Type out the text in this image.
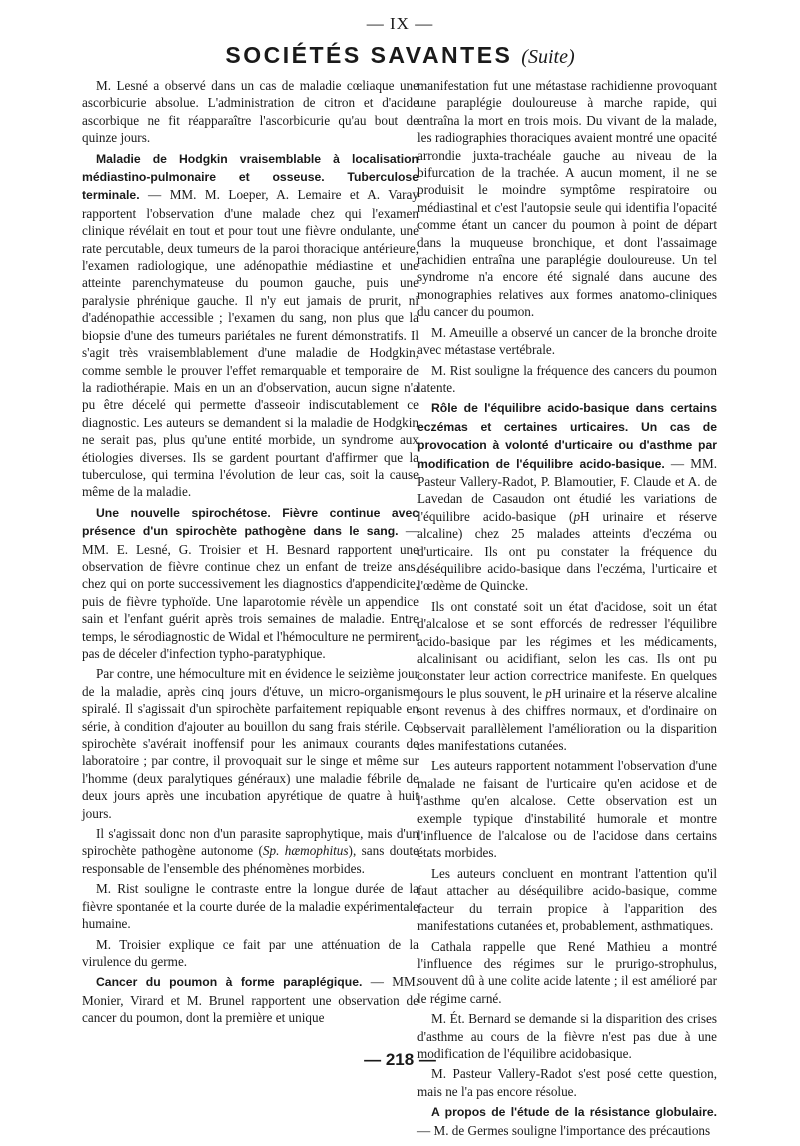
— IX —
SOCIÉTÉS SAVANTES (Suite)

M. Lesné a observé dans un cas de maladie cœliaque une ascorbicurie absolue. L'administration de citron et d'acide ascorbique ne fit réapparaître l'ascorbicurie qu'au bout de quinze jours.

Maladie de Hodgkin vraisemblable à localisation médiastino-pulmonaire et osseuse. Tuberculose terminale. — MM. M. Loeper, A. Lemaire et A. Varay rapportent l'observation d'une malade chez qui l'examen clinique révélait en tout et pour tout une fièvre ondulante, une rate percutable, deux tumeurs de la paroi thoracique antérieure, l'examen radiologique, une adénopathie médiastine et une atteinte parenchymateuse du poumon gauche, puis une paralysie phrénique gauche. Il n'y eut jamais de prurit, ni d'adénopathie accessible ; l'examen du sang, non plus que la biopsie d'une des tumeurs pariétales ne furent démonstratifs. Il s'agit très vraisemblablement d'une maladie de Hodgkin, comme semble le prouver l'effet remarquable et temporaire de la radiothérapie. Mais en un an d'observation, aucun signe n'a pu être décelé qui permette d'asseoir indiscutablement ce diagnostic. Les auteurs se demandent si la maladie de Hodgkin ne serait pas, plus qu'une entité morbide, un syndrome aux étiologies diverses. Ils se gardent pourtant d'affirmer que la tuberculose, qui termina l'évolution de leur cas, soit la cause même de la maladie.

Une nouvelle spirochétose. Fièvre continue avec présence d'un spirochète pathogène dans le sang. — MM. E. Lesné, G. Troisier et H. Besnard rapportent une observation de fièvre continue chez un enfant de treize ans, chez qui on porte successivement les diagnostics d'appendicite, puis de fièvre typhoïde. Une laparotomie révèle un appendice sain et l'enfant guérit après trois semaines de maladie. Entre temps, le sérodiagnostic de Widal et l'hémoculture ne permirent pas de déceler d'infection typho-paratyphique.

Par contre, une hémoculture mit en évidence le seizième jour de la maladie, après cinq jours d'étuve, un micro-organisme spiralé. Il s'agissait d'un spirochète parfaitement repiquable en série, à condition d'ajouter au bouillon du sang frais stérile. Ce spirochète s'avérait inoffensif pour les animaux courants de laboratoire ; par contre, il provoquait sur le singe et même sur l'homme (deux paralytiques généraux) une maladie fébrile de deux jours après une incubation apyrétique de quatre à huit jours.

Il s'agissait donc non d'un parasite saprophytique, mais d'un spirochète pathogène autonome (Sp. hæmophitus), sans doute responsable de l'ensemble des phénomènes morbides.

M. Rist souligne le contraste entre la longue durée de la fièvre spontanée et la courte durée de la maladie expérimentale humaine.

M. Troisier explique ce fait par une atténuation de la virulence du germe.

Cancer du poumon à forme paraplégique. — MM. Monier, Virard et M. Brunel rapportent une observation de cancer du poumon, dont la première et unique

manifestation fut une métastase rachidienne provoquant une paraplégie douloureuse à marche rapide, qui entraîna la mort en trois mois. Du vivant de la malade, les radiographies thoraciques avaient montré une opacité arrondie juxta-trachéale gauche au niveau de la bifurcation de la trachée. A aucun moment, il ne se produisit le moindre symptôme respiratoire ou médiastinal et c'est l'autopsie seule qui identifia l'opacité comme étant un cancer du poumon à point de départ dans la muqueuse bronchique, et dont l'assaimage rachidien entraîna une paraplégie douloureuse. Un tel syndrome n'a encore été signalé dans aucune des monographies relatives aux formes anatomo-cliniques du cancer du poumon.

M. Ameuille a observé un cancer de la bronche droite avec métastase vertébrale.

M. Rist souligne la fréquence des cancers du poumon latente.

Rôle de l'équilibre acido-basique dans certains eczémas et certaines urticaires. Un cas de provocation à volonté d'urticaire ou d'asthme par modification de l'équilibre acido-basique. — MM. Pasteur Vallery-Radot, P. Blamoutier, F. Claude et A. de Lavedan de Casaudon ont étudié les variations de l'équilibre acido-basique (pH urinaire et réserve alcaline) chez 25 malades atteints d'eczéma ou d'urticaire. Ils ont pu constater la fréquence du déséquilibre acido-basique dans l'eczéma, l'urticaire et l'œdème de Quincke.

Ils ont constaté soit un état d'acidose, soit un état d'alcalose et se sont efforcés de redresser l'équilibre acido-basique par les régimes et les médicaments, alcalinisant ou acidifiant, selon les cas. Ils ont pu constater leur action correctrice manifeste. En quelques jours le plus souvent, le pH urinaire et la réserve alcaline sont revenus à des chiffres normaux, et d'ordinaire on observait parallèlement l'amélioration ou la disparition des manifestations cutanées.

Les auteurs rapportent notamment l'observation d'une malade ne faisant de l'urticaire qu'en acidose et de l'asthme qu'en alcalose. Cette observation est un exemple typique d'instabilité humorale et montre l'influence de l'alcalose ou de l'acidose dans certains états morbides.

Les auteurs concluent en montrant l'attention qu'il faut attacher au déséquilibre acido-basique, comme facteur du terrain propice à l'apparition des manifestations cutanées et, probablement, asthmatiques.

Cathala rappelle que René Mathieu a montré l'influence des régimes sur le prurigo-strophulus, souvent dû à une colite acide latente ; il est amélioré par le régime carné.

M. Ét. Bernard se demande si la disparition des crises d'asthme au cours de la fièvre n'est pas due à une modification de l'équilibre acidobasique.

M. Pasteur Vallery-Radot s'est posé cette question, mais ne l'a pas encore résolue.

A propos de l'étude de la résistance globulaire. — M. de Germes souligne l'importance des précautions

— 218 —
